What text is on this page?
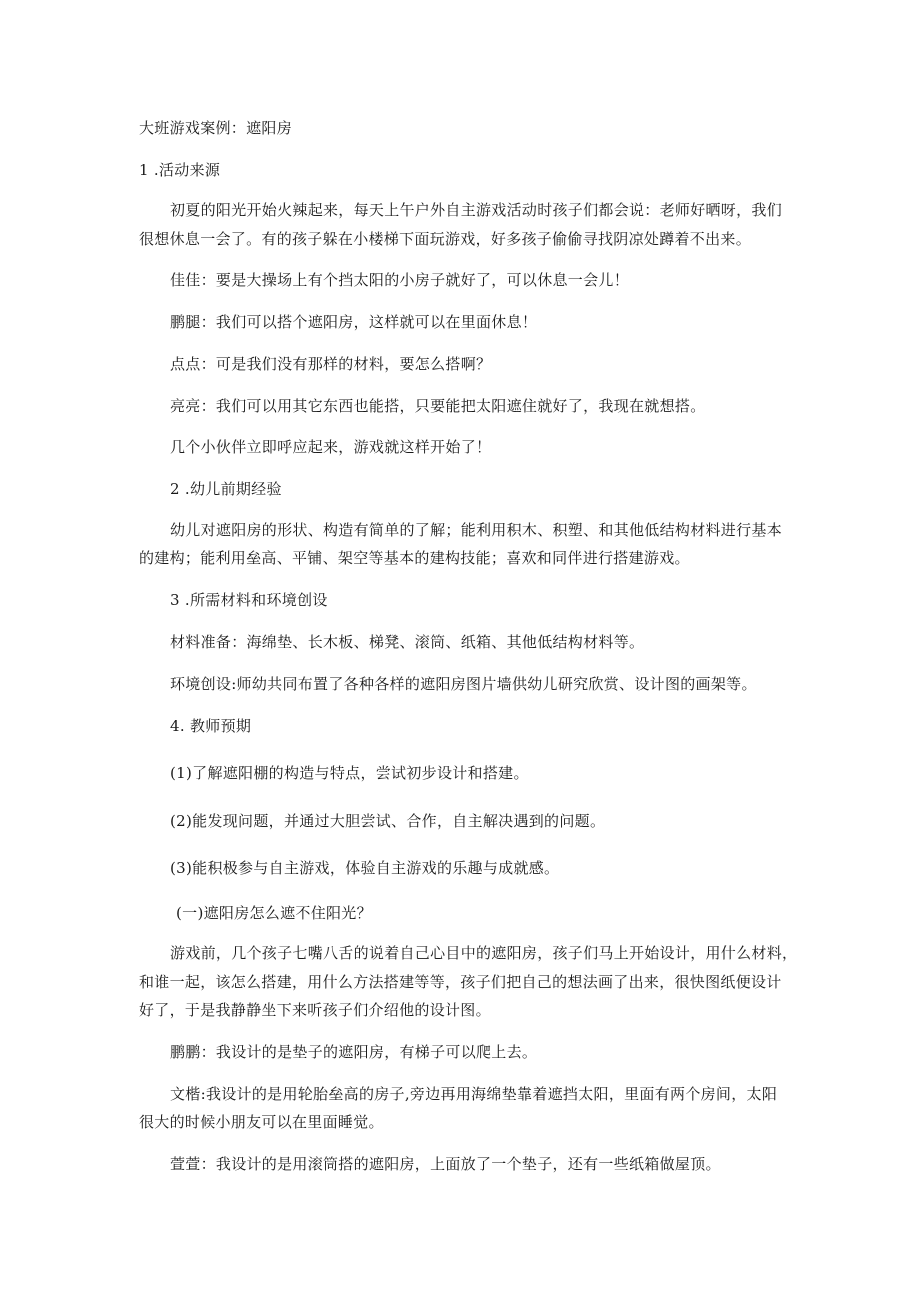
大班游戏案例：遮阳房
1 .活动来源
初夏的阳光开始火辣起来，每天上午户外自主游戏活动时孩子们都会说：老师好晒呀，我们
很想休息一会了。有的孩子躲在小楼梯下面玩游戏，好多孩子偷偷寻找阴凉处蹲着不出来。
佳佳：要是大操场上有个挡太阳的小房子就好了，可以休息一会儿！
鹏腿：我们可以搭个遮阳房，这样就可以在里面休息！
点点：可是我们没有那样的材料，要怎么搭啊？
亮亮：我们可以用其它东西也能搭，只要能把太阳遮住就好了，我现在就想搭。
几个小伙伴立即呼应起来，游戏就这样开始了！
2 .幼儿前期经验
幼儿对遮阳房的形状、构造有简单的了解；能利用积木、积塑、和其他低结构材料进行基本
的建构；能利用垒高、平铺、架空等基本的建构技能；喜欢和同伴进行搭建游戏。
3 .所需材料和环境创设
材料准备：海绵垫、长木板、梯凳、滚筒、纸箱、其他低结构材料等。
环境创设:师幼共同布置了各种各样的遮阳房图片墙供幼儿研究欣赏、设计图的画架等。
4. 教师预期
(1)了解遮阳棚的构造与特点，尝试初步设计和搭建。
(2)能发现问题，并通过大胆尝试、合作，自主解决遇到的问题。
(3)能积极参与自主游戏，体验自主游戏的乐趣与成就感。
(一)遮阳房怎么遮不住阳光？
游戏前，几个孩子七嘴八舌的说着自己心目中的遮阳房，孩子们马上开始设计，用什么材料，
和谁一起，该怎么搭建，用什么方法搭建等等，孩子们把自己的想法画了出来，很快图纸便设计
好了，于是我静静坐下来听孩子们介绍他的设计图。
鹏鹏：我设计的是垫子的遮阳房，有梯子可以爬上去。
文楷:我设计的是用轮胎垒高的房子,旁边再用海绵垫靠着遮挡太阳，里面有两个房间，太阳
很大的时候小朋友可以在里面睡觉。
萱萱：我设计的是用滚筒搭的遮阳房，上面放了一个垫子，还有一些纸箱做屋顶。
